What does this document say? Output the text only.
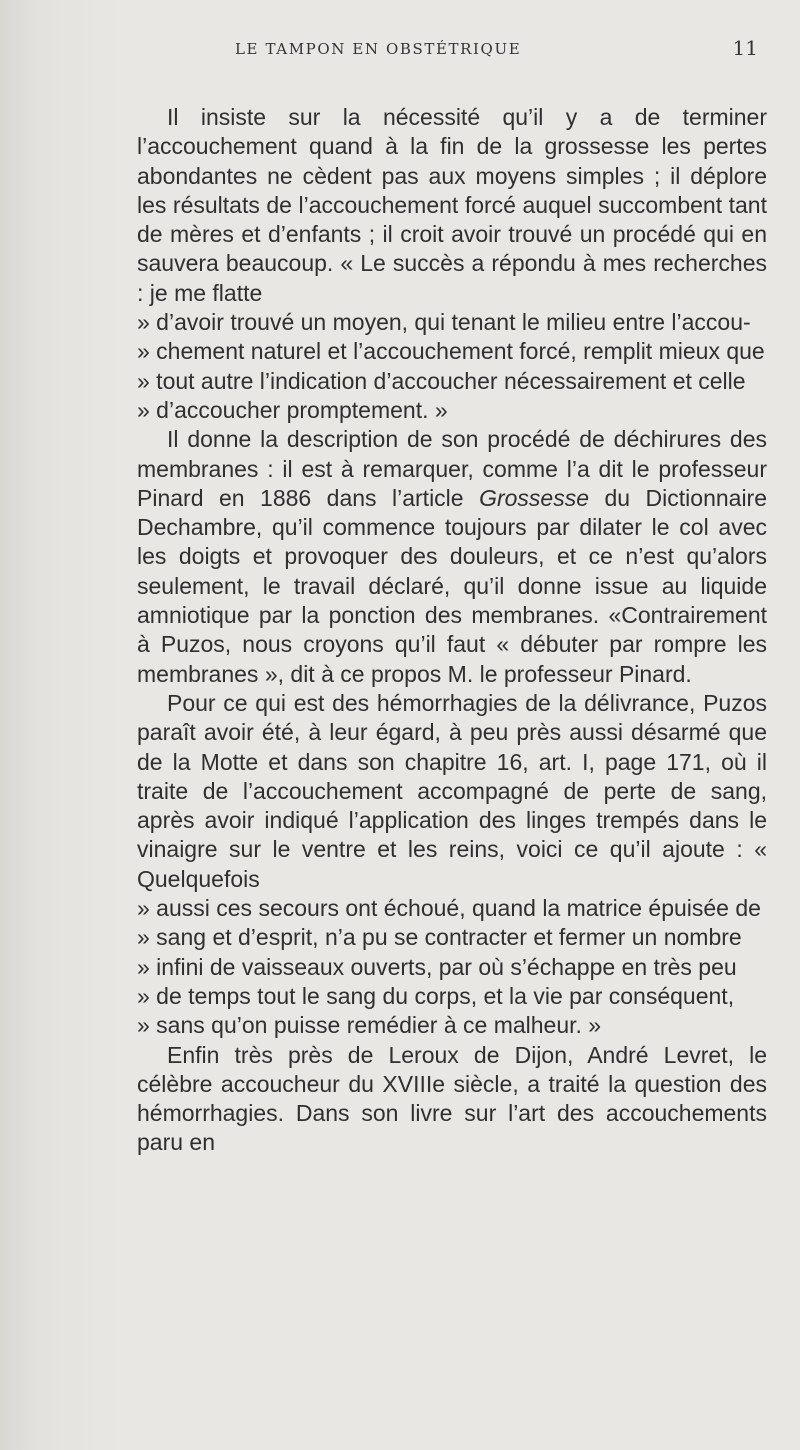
LE TAMPON EN OBSTÉTRIQUE	11

Il insiste sur la nécessité qu’il y a de terminer l’accouchement quand à la fin de la grossesse les pertes abondantes ne cèdent pas aux moyens simples ; il déplore les résultats de l’accouchement forcé auquel succombent tant de mères et d’enfants ; il croit avoir trouvé un procédé qui en sauvera beaucoup. « Le succès a répondu à mes recherches : je me flatte
» d’avoir trouvé un moyen, qui tenant le milieu entre l’accou-
» chement naturel et l’accouchement forcé, remplit mieux que
» tout autre l’indication d’accoucher nécessairement et celle
» d’accoucher promptement. »

Il donne la description de son procédé de déchirures des membranes : il est à remarquer, comme l’a dit le professeur Pinard en 1886 dans l’article Grossesse du Dictionnaire Dechambre, qu’il commence toujours par dilater le col avec les doigts et provoquer des douleurs, et ce n’est qu’alors seulement, le travail déclaré, qu’il donne issue au liquide amniotique par la ponction des membranes. «Contrairement à Puzos, nous croyons qu’il faut « débuter par rompre les membranes », dit à ce propos M. le professeur Pinard.

Pour ce qui est des hémorrhagies de la délivrance, Puzos paraît avoir été, à leur égard, à peu près aussi désarmé que de la Motte et dans son chapitre 16, art. I, page 171, où il traite de l’accouchement accompagné de perte de sang, après avoir indiqué l’application des linges trempés dans le vinaigre sur le ventre et les reins, voici ce qu’il ajoute : « Quelquefois
» aussi ces secours ont échoué, quand la matrice épuisée de
» sang et d’esprit, n’a pu se contracter et fermer un nombre
» infini de vaisseaux ouverts, par où s’échappe en très peu
» de temps tout le sang du corps, et la vie par conséquent,
» sans qu’on puisse remédier à ce malheur. »

Enfin très près de Leroux de Dijon, André Levret, le célèbre accoucheur du XVIIIe siècle, a traité la question des hémorrhagies. Dans son livre sur l’art des accouchements paru en
